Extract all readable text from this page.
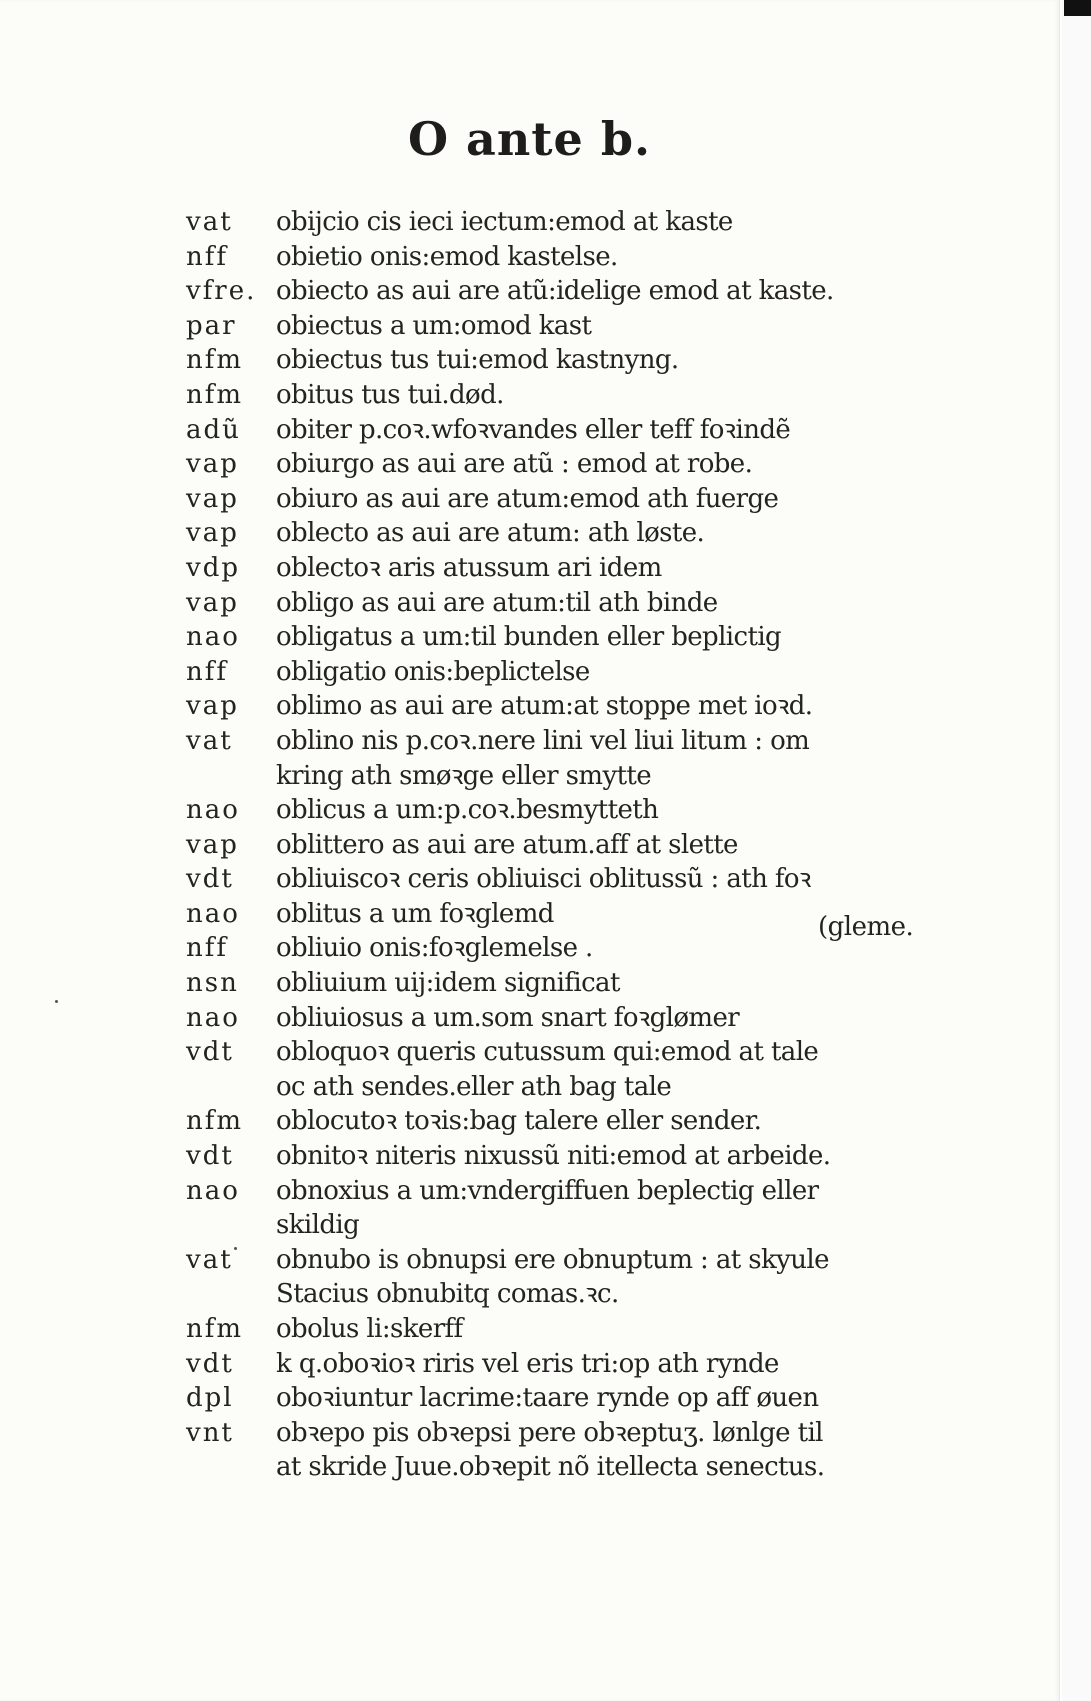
O ante b.
vat	obijcio cis ieci iectum:emod at kaste
nff	obietio onis:emod kastelse.
vfre. obiecto as aui are atũ:idelige emod at kaste.
par	obiectus a um:omod kast
nfm	obiectus tus tui:emod kastnyng.
nfm	obitus tus tui.død.
adũ	obiter p.coꝛ.wfoꝛvandes eller teff foꝛindẽ
vap	obiurgo as aui are atũ : emod at robe.
vap	obiuro as aui are atum:emod ath fuerge
vap	oblecto as aui are atum: ath løste.
vdp	oblectoꝛ aris atussum ari idem
vap	obligo as aui are atum:til ath binde
nao	obligatus a um:til bunden eller beplictig
nff	obligatio onis:beplictelse
vap	oblimo as aui are atum:at stoppe met ioꝛd.
vat	oblino nis p.coꝛ.nere lini vel liui litum : om
kring ath smøꝛge eller smytte
nao	oblicus a um:p.coꝛ.besmytteth
vap	oblittero as aui are atum.aff at slette
vdt	obliuiscoꝛ ceris obliuisci oblitussũ : ath foꝛ
nao	oblitus a um foꝛglemd
nff	obliuio onis:foꝛglemelse .
nsn	obliuium uij:idem significat
nao	obliuiosus a um.som snart foꝛglømer
vdt	obloquoꝛ queris cutussum qui:emod at tale
oc ath sendes.eller ath bag tale
nfm	oblocutoꝛ toꝛis:bag talere eller sender.
vdt	obnitoꝛ niteris nixussũ niti:emod at arbeide.
nao	obnoxius a um:vndergiffuen beplectig eller
skildig
vat	obnubo is obnupsi ere obnuptum : at skyule
Stacius obnubitq comas.ꝛc.
nfm	obolus li:skerff
vdt	k q.oboꝛioꝛ riris vel eris tri:op ath rynde
dpl	oboꝛiuntur lacrime:taare rynde op aff øuen
vnt	obꝛepo pis obꝛepsi pere obꝛeptuʒ. lønlge til
at skride Juue.obꝛepit nõ itellecta senectus.
(gleme.
